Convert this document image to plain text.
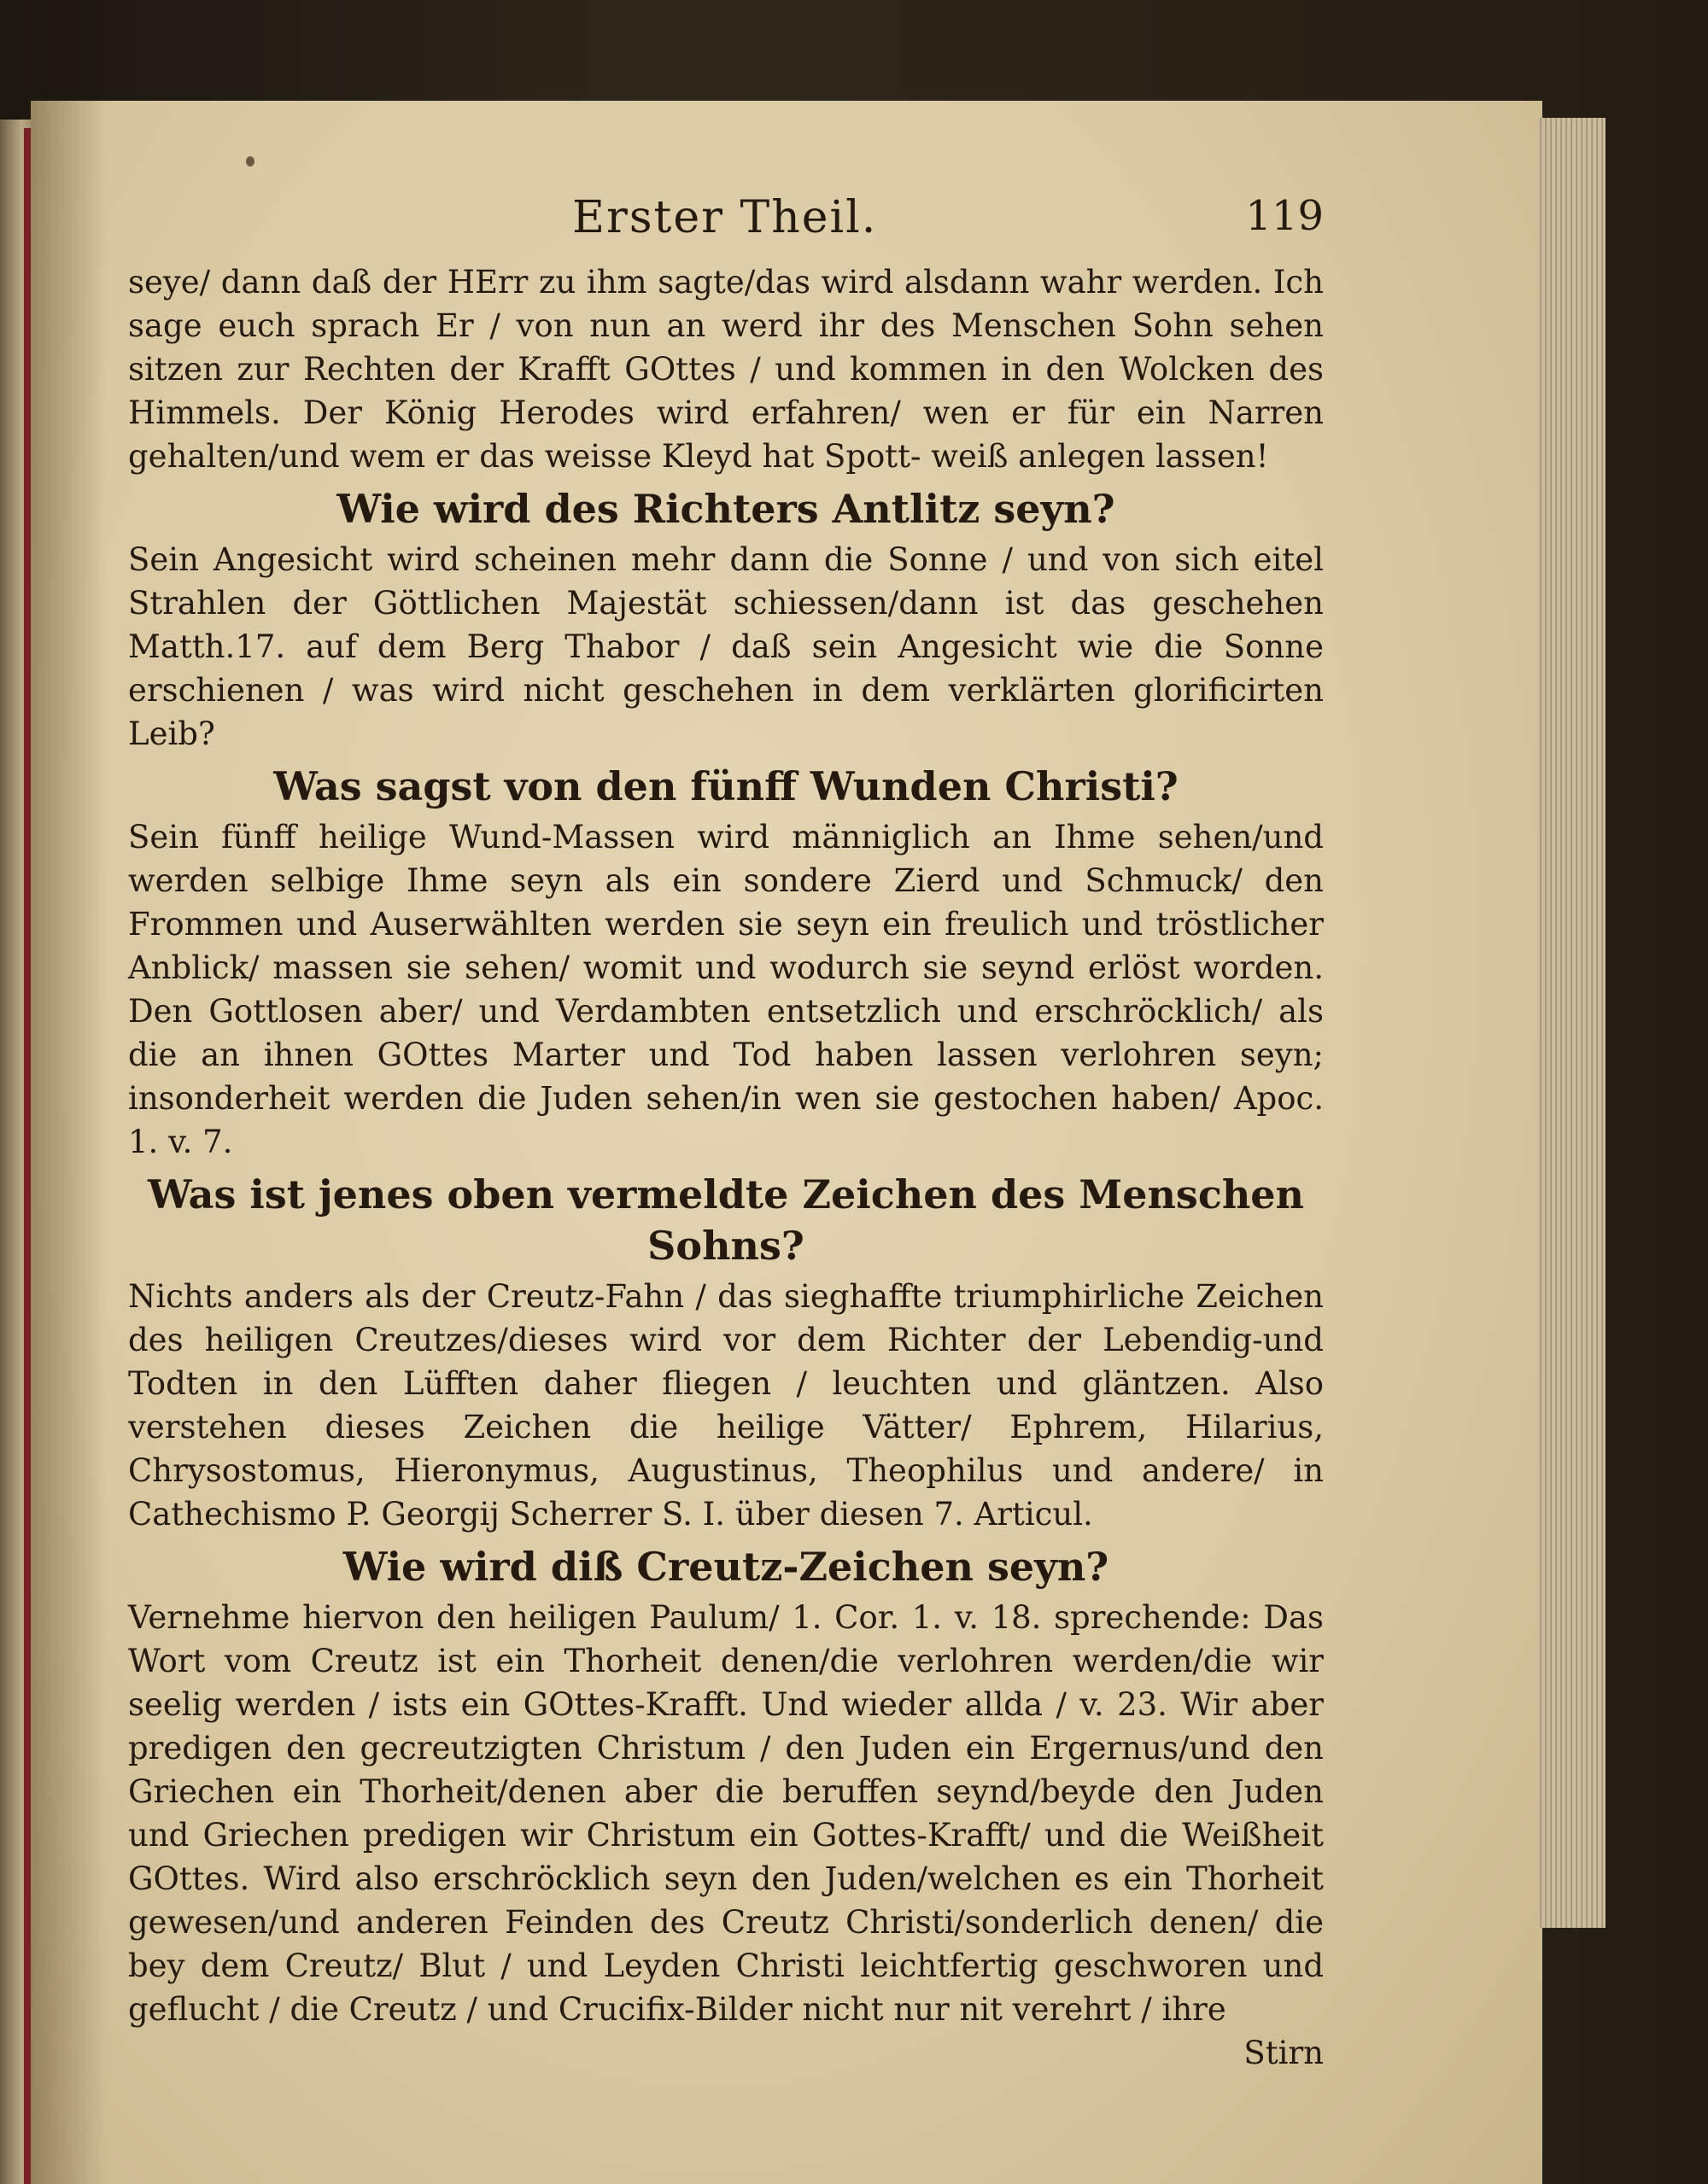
Erster Theil.	119

seye/ dann daß der HErr zu ihm sagte/das wird alsdann wahr werden. Ich sage euch sprach Er / von nun an werd ihr des Menschen Sohn sehen sitzen zur Rechten der Krafft GOttes / und kommen in den Wolcken des Himmels. Der König Herodes wird erfahren/ wen er für ein Narren gehalten/und wem er das weisse Kleyd hat Spott- weiß anlegen lassen!

Wie wird des Richters Antlitz seyn?

Sein Angesicht wird scheinen mehr dann die Sonne / und von sich eitel Strahlen der Göttlichen Majestät schiessen/dann ist das geschehen Matth.17. auf dem Berg Thabor / daß sein Angesicht wie die Sonne erschienen / was wird nicht geschehen in dem verklärten glorificirten Leib?

Was sagst von den fünff Wunden Christi?

Sein fünff heilige Wund-Massen wird männiglich an Ihme sehen/und werden selbige Ihme seyn als ein sondere Zierd und Schmuck/ den Frommen und Auserwählten werden sie seyn ein freulich und tröstlicher Anblick/ massen sie sehen/ womit und wodurch sie seynd erlöst worden. Den Gottlosen aber/ und Verdambten entsetzlich und erschröcklich/ als die an ihnen GOttes Marter und Tod haben lassen verlohren seyn; insonderheit werden die Juden sehen/in wen sie gestochen haben/ Apoc. 1. v. 7.

Was ist jenes oben vermeldte Zeichen des Menschen Sohns?

Nichts anders als der Creutz-Fahn / das sieghaffte triumphirliche Zeichen des heiligen Creutzes/dieses wird vor dem Richter der Lebendig-und Todten in den Lüfften daher fliegen / leuchten und gläntzen. Also verstehen dieses Zeichen die heilige Vätter/ Ephrem, Hilarius, Chrysostomus, Hieronymus, Augustinus, Theophilus und andere/ in Cathechismo P. Georgij Scherrer S. I. über diesen 7. Articul.

Wie wird diß Creutz-Zeichen seyn?

Vernehme hiervon den heiligen Paulum/ 1. Cor. 1. v. 18. sprechende: Das Wort vom Creutz ist ein Thorheit denen/die verlohren werden/die wir seelig werden / ists ein GOttes-Krafft. Und wieder allda / v. 23. Wir aber predigen den gecreutzigten Christum / den Juden ein Ergernus/und den Griechen ein Thorheit/denen aber die beruffen seynd/beyde den Juden und Griechen predigen wir Christum ein Gottes-Krafft/ und die Weißheit GOttes. Wird also erschröcklich seyn den Juden/welchen es ein Thorheit gewesen/und anderen Feinden des Creutz Christi/sonderlich denen/ die bey dem Creutz/ Blut / und Leyden Christi leichtfertig geschworen und geflucht / die Creutz / und Crucifix-Bilder nicht nur nit verehrt / ihre

Stirn
